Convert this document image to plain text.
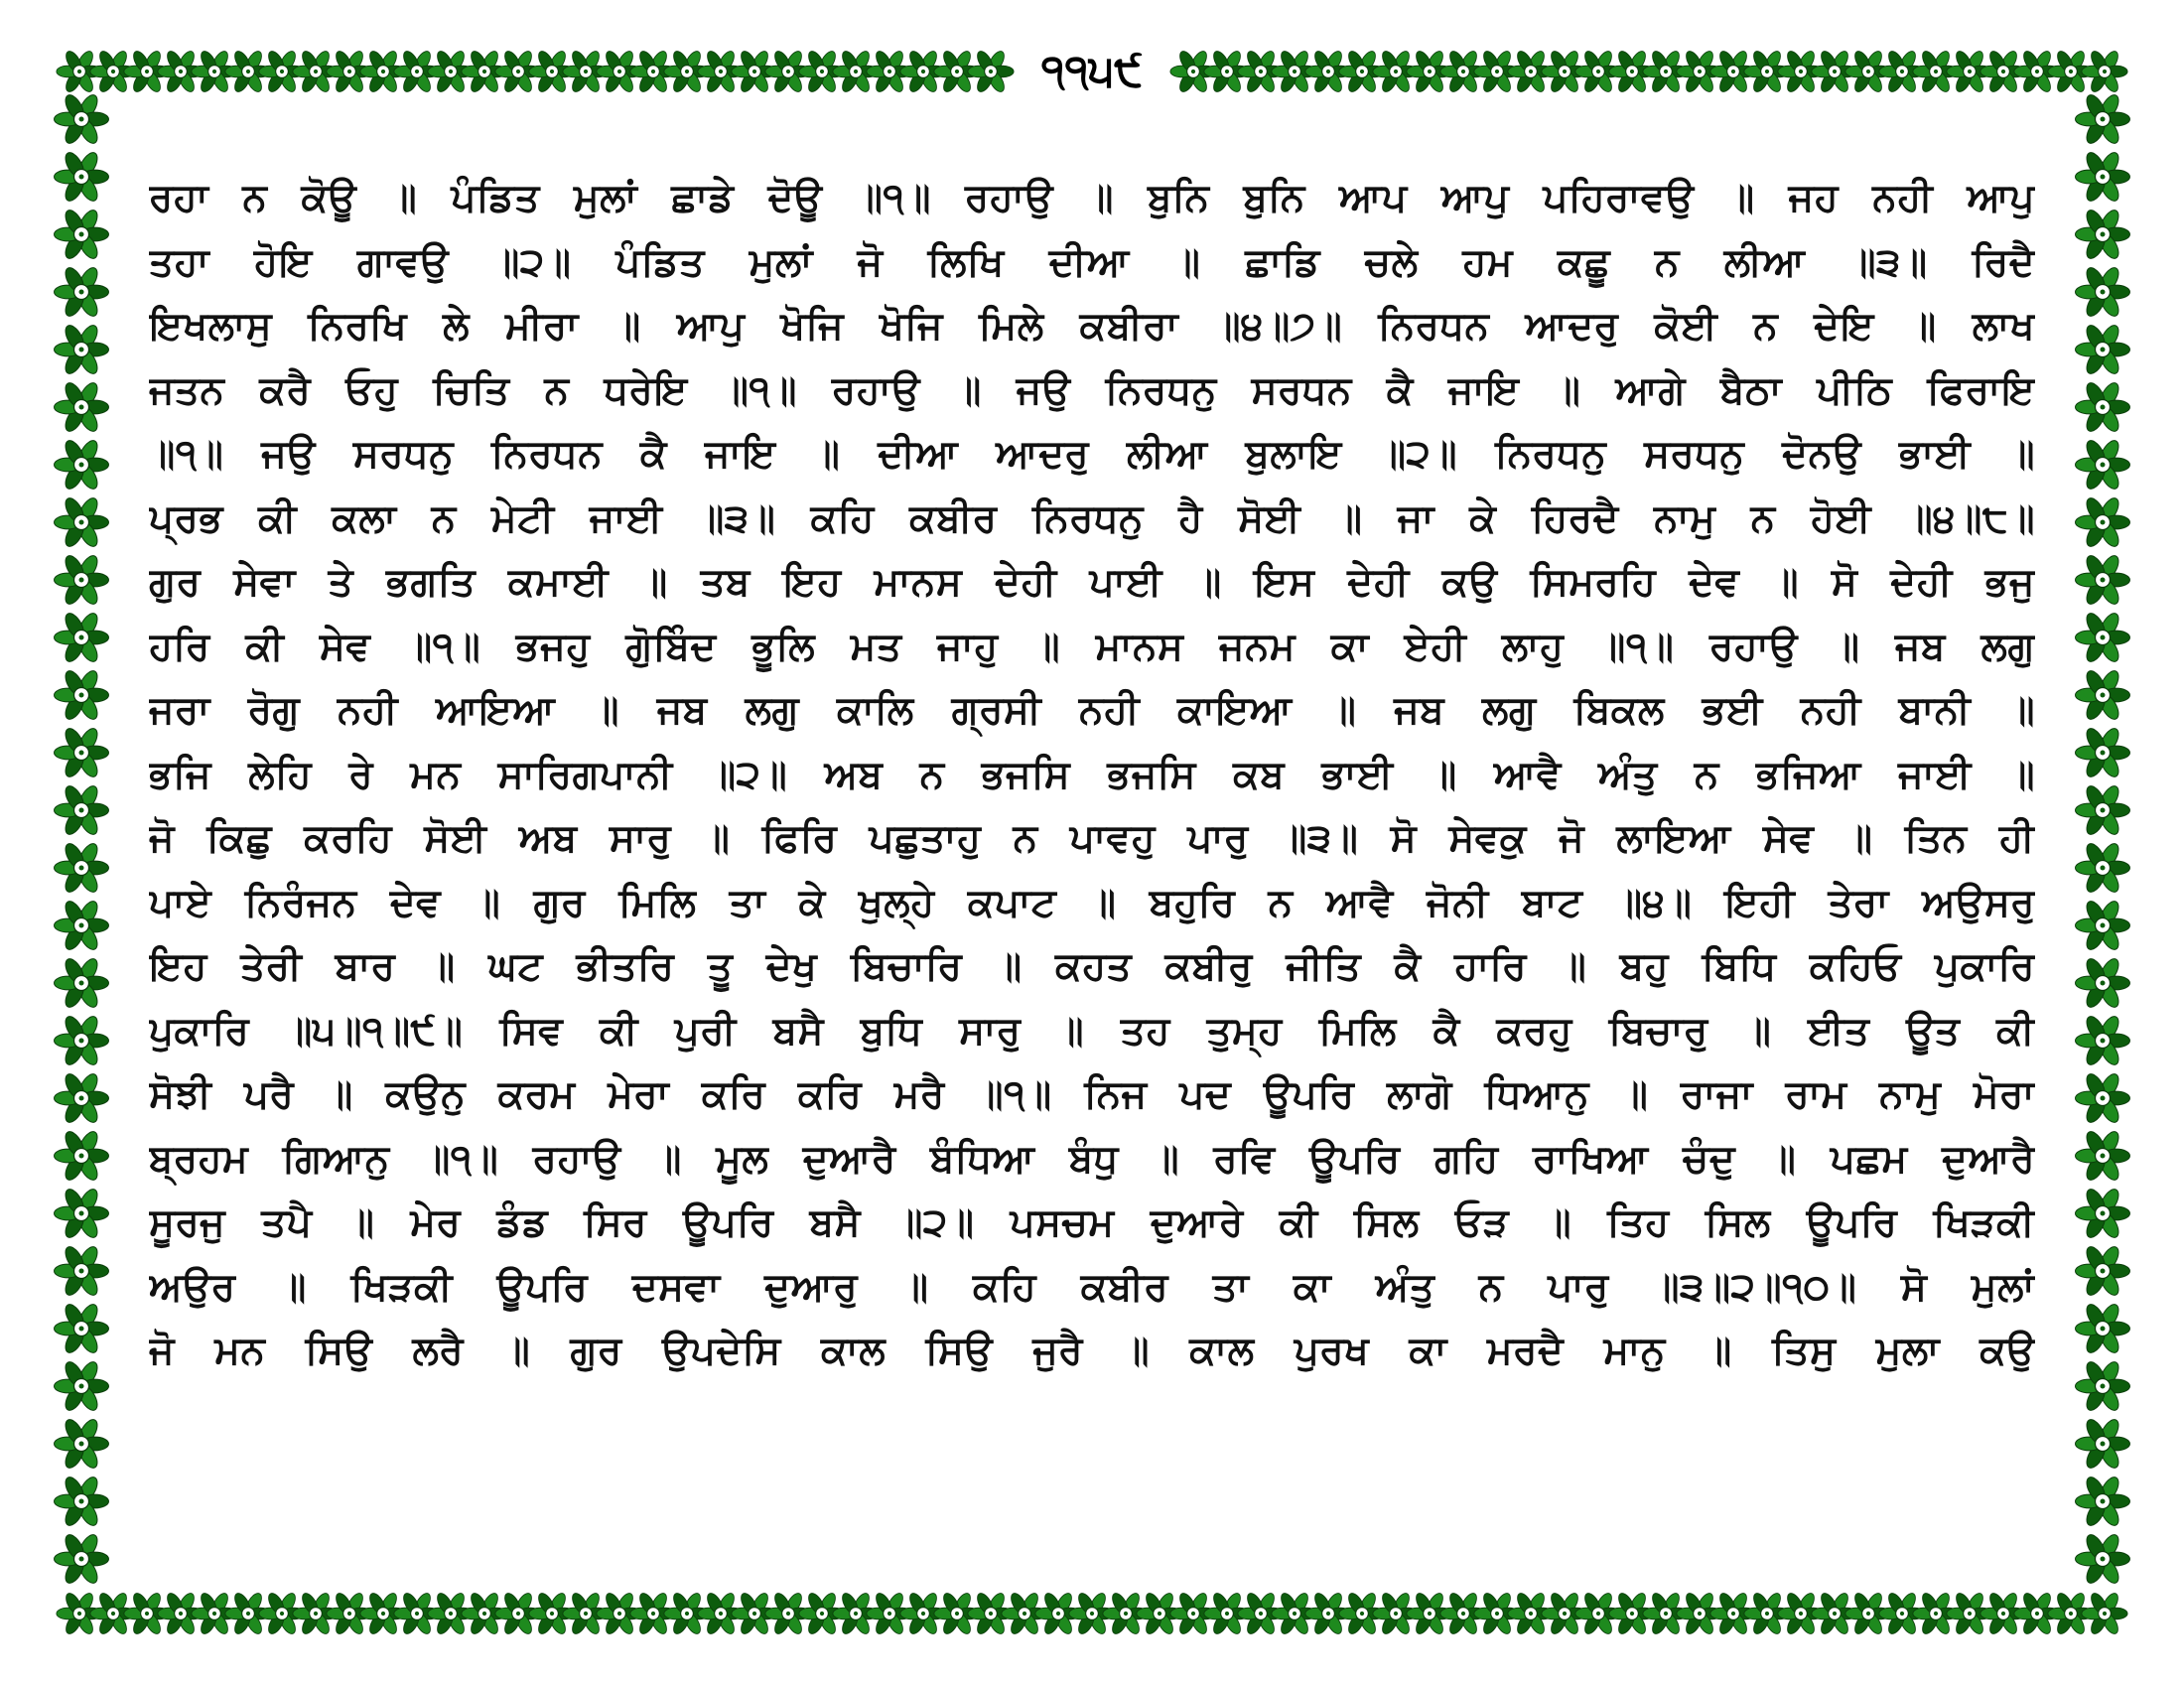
੧੧੫੯
ਰਹਾ ਨ ਕੋਊ ॥ ਪੰਡਿਤ ਮੁਲਾਂ ਛਾਡੇ ਦੋਊ ॥੧॥ ਰਹਾਉ ॥ ਬੁਨਿ ਬੁਨਿ ਆਪ ਆਪੁ ਪਹਿਰਾਵਉ ॥ ਜਹ ਨਹੀ ਆਪੁ
ਤਹਾ ਹੋਇ ਗਾਵਉ ॥੨॥ ਪੰਡਿਤ ਮੁਲਾਂ ਜੋ ਲਿਖਿ ਦੀਆ ॥ ਛਾਡਿ ਚਲੇ ਹਮ ਕਛੂ ਨ ਲੀਆ ॥੩॥ ਰਿਦੈ
ਇਖਲਾਸੁ ਨਿਰਖਿ ਲੇ ਮੀਰਾ ॥ ਆਪੁ ਖੋਜਿ ਖੋਜਿ ਮਿਲੇ ਕਬੀਰਾ ॥੪॥੭॥ ਨਿਰਧਨ ਆਦਰੁ ਕੋਈ ਨ ਦੇਇ ॥ ਲਾਖ
ਜਤਨ ਕਰੈ ਓਹੁ ਚਿਤਿ ਨ ਧਰੇਇ ॥੧॥ ਰਹਾਉ ॥ ਜਉ ਨਿਰਧਨੁ ਸਰਧਨ ਕੈ ਜਾਇ ॥ ਆਗੇ ਬੈਠਾ ਪੀਠਿ ਫਿਰਾਇ
॥੧॥ ਜਉ ਸਰਧਨੁ ਨਿਰਧਨ ਕੈ ਜਾਇ ॥ ਦੀਆ ਆਦਰੁ ਲੀਆ ਬੁਲਾਇ ॥੨॥ ਨਿਰਧਨੁ ਸਰਧਨੁ ਦੋਨਉ ਭਾਈ ॥
ਪ੍ਰਭ ਕੀ ਕਲਾ ਨ ਮੇਟੀ ਜਾਈ ॥੩॥ ਕਹਿ ਕਬੀਰ ਨਿਰਧਨੁ ਹੈ ਸੋਈ ॥ ਜਾ ਕੇ ਹਿਰਦੈ ਨਾਮੁ ਨ ਹੋਈ ॥੪॥੮॥
ਗੁਰ ਸੇਵਾ ਤੇ ਭਗਤਿ ਕਮਾਈ ॥ ਤਬ ਇਹ ਮਾਨਸ ਦੇਹੀ ਪਾਈ ॥ ਇਸ ਦੇਹੀ ਕਉ ਸਿਮਰਹਿ ਦੇਵ ॥ ਸੋ ਦੇਹੀ ਭਜੁ
ਹਰਿ ਕੀ ਸੇਵ ॥੧॥ ਭਜਹੁ ਗੋੁਬਿੰਦ ਭੂਲਿ ਮਤ ਜਾਹੁ ॥ ਮਾਨਸ ਜਨਮ ਕਾ ਏਹੀ ਲਾਹੁ ॥੧॥ ਰਹਾਉ ॥ ਜਬ ਲਗੁ
ਜਰਾ ਰੋਗੁ ਨਹੀ ਆਇਆ ॥ ਜਬ ਲਗੁ ਕਾਲਿ ਗ੍ਰਸੀ ਨਹੀ ਕਾਇਆ ॥ ਜਬ ਲਗੁ ਬਿਕਲ ਭਈ ਨਹੀ ਬਾਨੀ ॥
ਭਜਿ ਲੇਹਿ ਰੇ ਮਨ ਸਾਰਿਗਪਾਨੀ ॥੨॥ ਅਬ ਨ ਭਜਸਿ ਭਜਸਿ ਕਬ ਭਾਈ ॥ ਆਵੈ ਅੰਤੁ ਨ ਭਜਿਆ ਜਾਈ ॥
ਜੋ ਕਿਛੁ ਕਰਹਿ ਸੋਈ ਅਬ ਸਾਰੁ ॥ ਫਿਰਿ ਪਛੁਤਾਹੁ ਨ ਪਾਵਹੁ ਪਾਰੁ ॥੩॥ ਸੋ ਸੇਵਕੁ ਜੋ ਲਾਇਆ ਸੇਵ ॥ ਤਿਨ ਹੀ
ਪਾਏ ਨਿਰੰਜਨ ਦੇਵ ॥ ਗੁਰ ਮਿਲਿ ਤਾ ਕੇ ਖੁਲ੍ਹੇ ਕਪਾਟ ॥ ਬਹੁਰਿ ਨ ਆਵੈ ਜੋਨੀ ਬਾਟ ॥੪॥ ਇਹੀ ਤੇਰਾ ਅਉਸਰੁ
ਇਹ ਤੇਰੀ ਬਾਰ ॥ ਘਟ ਭੀਤਰਿ ਤੂ ਦੇਖੁ ਬਿਚਾਰਿ ॥ ਕਹਤ ਕਬੀਰੁ ਜੀਤਿ ਕੈ ਹਾਰਿ ॥ ਬਹੁ ਬਿਧਿ ਕਹਿਓ ਪੁਕਾਰਿ
ਪੁਕਾਰਿ ॥੫॥੧॥੯॥ ਸਿਵ ਕੀ ਪੁਰੀ ਬਸੈ ਬੁਧਿ ਸਾਰੁ ॥ ਤਹ ਤੁਮ੍ਹ ਮਿਲਿ ਕੈ ਕਰਹੁ ਬਿਚਾਰੁ ॥ ਈਤ ਊਤ ਕੀ
ਸੋਝੀ ਪਰੈ ॥ ਕਉਨੁ ਕਰਮ ਮੇਰਾ ਕਰਿ ਕਰਿ ਮਰੈ ॥੧॥ ਨਿਜ ਪਦ ਊਪਰਿ ਲਾਗੋ ਧਿਆਨੁ ॥ ਰਾਜਾ ਰਾਮ ਨਾਮੁ ਮੋਰਾ
ਬ੍ਰਹਮ ਗਿਆਨੁ ॥੧॥ ਰਹਾਉ ॥ ਮੂਲ ਦੁਆਰੈ ਬੰਧਿਆ ਬੰਧੁ ॥ ਰਵਿ ਊਪਰਿ ਗਹਿ ਰਾਖਿਆ ਚੰਦੁ ॥ ਪਛਮ ਦੁਆਰੈ
ਸੂਰਜੁ ਤਪੈ ॥ ਮੇਰ ਡੰਡ ਸਿਰ ਊਪਰਿ ਬਸੈ ॥੨॥ ਪਸਚਮ ਦੁਆਰੇ ਕੀ ਸਿਲ ਓੜ ॥ ਤਿਹ ਸਿਲ ਊਪਰਿ ਖਿੜਕੀ
ਅਉਰ ॥ ਖਿੜਕੀ ਊਪਰਿ ਦਸਵਾ ਦੁਆਰੁ ॥ ਕਹਿ ਕਬੀਰ ਤਾ ਕਾ ਅੰਤੁ ਨ ਪਾਰੁ ॥੩॥੨॥੧੦॥ ਸੋ ਮੁਲਾਂ
ਜੋ ਮਨ ਸਿਉ ਲਰੈ ॥ ਗੁਰ ਉਪਦੇਸਿ ਕਾਲ ਸਿਉ ਜੁਰੈ ॥ ਕਾਲ ਪੁਰਖ ਕਾ ਮਰਦੈ ਮਾਨੁ ॥ ਤਿਸੁ ਮੁਲਾ ਕਉ
